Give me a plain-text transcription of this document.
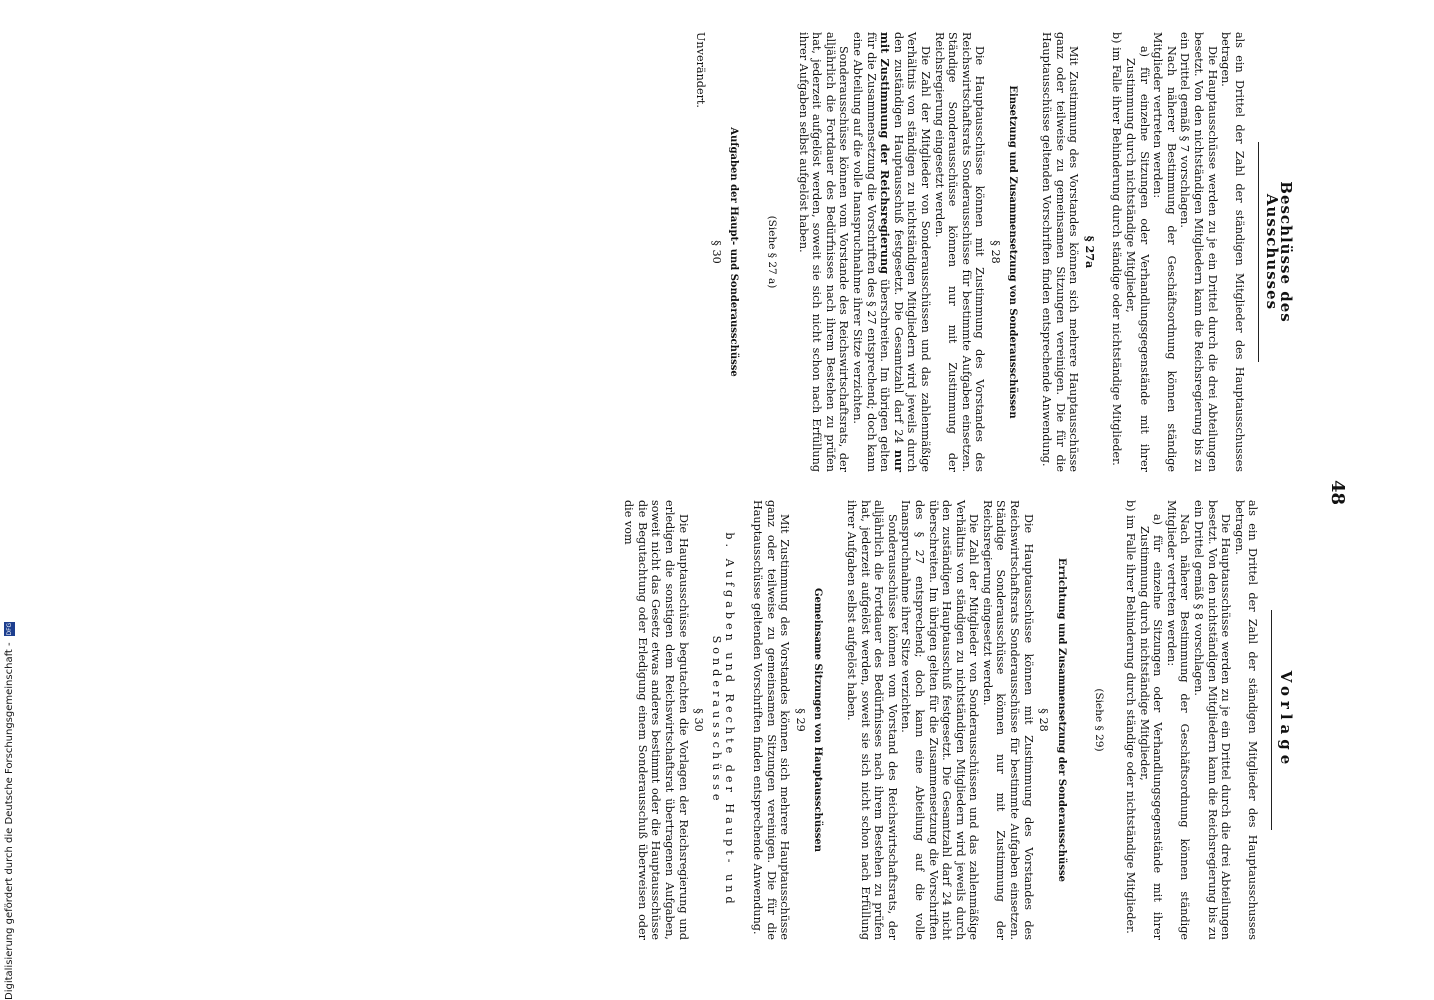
48
Vorlage

als ein Drittel der Zahl der ständigen Mitglieder des Hauptausschusses betragen.

Die Hauptausschüsse werden zu je ein Drittel durch die drei Abteilungen besetzt. Von den nichtständigen Mitgliedern kann die Reichsregierung bis zu ein Drittel gemäß § 8 vorschlagen.

Nach näherer Bestimmung der Geschäftsordnung können ständige Mitglieder vertreten werden:

a) für einzelne Sitzungen oder Verhandlungsgegenstände mit ihrer Zustimmung durch nichtständige Mitglieder,

b) im Falle ihrer Behinderung durch ständige oder nichtständige Mitglieder.

(Siehe § 29)

Errichtung und Zusammensetzung der Sonderausschüsse

§ 28

Die Hauptausschüsse können mit Zustimmung des Vorstandes des Reichswirtschaftsrats Sonderausschüsse für bestimmte Aufgaben einsetzen. Ständige Sonderausschüsse können nur mit Zustimmung der Reichsregierung eingesetzt werden.

Die Zahl der Mitglieder von Sonderausschüssen und das zahlenmäßige Verhältnis von ständigen zu nichtständigen Mitgliedern wird jeweils durch den zuständigen Hauptausschuß festgesetzt. Die Gesamtzahl darf 24 nicht überschreiten. Im übrigen gelten für die Zusammensetzung die Vorschriften des § 27 entsprechend; doch kann eine Abteilung auf die volle Inanspruchnahme ihrer Sitze verzichten.

Sonderausschüsse können vom Vorstand des Reichswirtschaftsrats, der alljährlich die Fortdauer des Bedürfnisses nach ihrem Bestehen zu prüfen hat, jederzeit aufgelöst werden, soweit sie sich nicht schon nach Erfüllung ihrer Aufgaben selbst aufgelöst haben.

Gemeinsame Sitzungen von Hauptausschüssen

§ 29

Mit Zustimmung des Vorstandes können sich mehrere Hauptausschüsse ganz oder teilweise zu gemeinsamen Sitzungen vereinigen. Die für die Hauptausschüsse geltenden Vorschriften finden entsprechende Anwendung.

b. Aufgaben und Rechte der Haupt- und Sonderausschüsse

§ 30

Die Hauptausschüsse begutachten die Vorlagen der Reichsregierung und erledigen die sonstigen dem Reichswirtschaftsrat übertragenen Aufgaben, soweit nicht das Gesetz etwas anderes bestimmt oder die Hauptausschüsse die Begutachtung oder Erledigung einem Sonderausschuß überweisen oder die vom

Beschlüsse des Ausschusses

als ein Drittel der Zahl der ständigen Mitglieder des Hauptausschusses betragen.

Die Hauptausschüsse werden zu je ein Drittel durch die drei Abteilungen besetzt. Von den nichtständigen Mitgliedern kann die Reichsregierung bis zu ein Drittel gemäß § 7 vorschlagen.

Nach näherer Bestimmung der Geschäftsordnung können ständige Mitglieder vertreten werden:

a) für einzelne Sitzungen oder Verhandlungsgegenstände mit ihrer Zustimmung durch nichtständige Mitglieder,

b) im Falle ihrer Behinderung durch ständige oder nichtständige Mitglieder.

§ 27a

Mit Zustimmung des Vorstandes können sich mehrere Hauptausschüsse ganz oder teilweise zu gemeinsamen Sitzungen vereinigen. Die für die Hauptausschüsse geltenden Vorschriften finden entsprechende Anwendung.

Einsetzung und Zusammensetzung von Sonderausschüssen

§ 28

Die Hauptausschüsse können mit Zustimmung des Vorstandes des Reichswirtschaftsrats Sonderausschüsse für bestimmte Aufgaben einsetzen. Ständige Sonderausschüsse können nur mit Zustimmung der Reichsregierung eingesetzt werden.

Die Zahl der Mitglieder von Sonderausschüssen und das zahlenmäßige Verhältnis von ständigen zu nichtständigen Mitgliedern wird jeweils durch den zuständigen Hauptausschuß festgesetzt. Die Gesamtzahl darf 24 nur mit Zustimmung der Reichsregierung überschreiten. Im übrigen gelten für die Zusammensetzung die Vorschriften des § 27 entsprechend; doch kann eine Abteilung auf die volle Inanspruchnahme ihrer Sitze verzichten.

Sonderausschüsse können vom Vorstande des Reichswirtschaftsrats, der alljährlich die Fortdauer des Bedürfnisses nach ihrem Bestehen zu prüfen hat, jederzeit aufgelöst werden, soweit sie sich nicht schon nach Erfüllung ihrer Aufgaben selbst aufgelöst haben.

(Siehe § 27 a)

Aufgaben der Haupt- und Sonderausschüsse

§ 30

Unverändert.

Digitalisierung gefördert durch die Deutsche Forschungsgemeinschaft - DFG
